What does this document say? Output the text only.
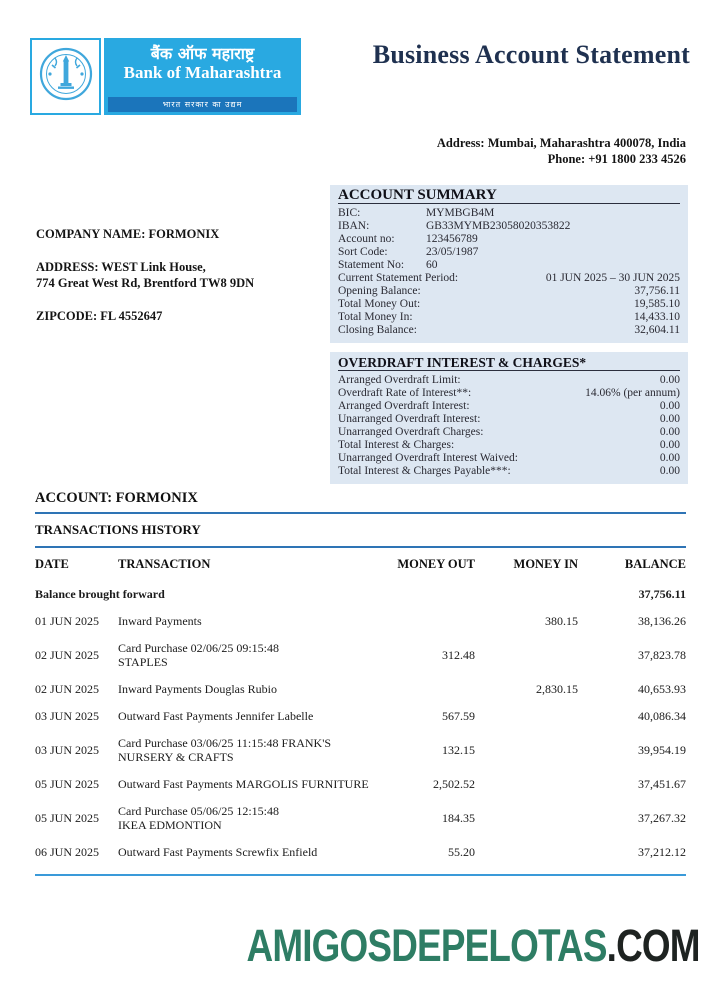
बैंक ऑफ महाराष्ट्र
Bank of Maharashtra
भारत सरकार का उद्यम
Business Account Statement
Address: Mumbai, Maharashtra 400078, India
Phone: +91 1800 233 4526
COMPANY NAME: FORMONIX
ADDRESS: WEST Link House,
774 Great West Rd, Brentford TW8 9DN
ZIPCODE: FL 4552647
ACCOUNT SUMMARY
BIC:	MYMBGB4M
IBAN:	GB33MYMB23058020353822
Account no:	123456789
Sort Code:	23/05/1987
Statement No:	60
Current Statement Period:	01 JUN 2025 – 30 JUN 2025
Opening Balance:	37,756.11
Total Money Out:	19,585.10
Total Money In:	14,433.10
Closing Balance:	32,604.11
OVERDRAFT INTEREST & CHARGES*
Arranged Overdraft Limit:	0.00
Overdraft Rate of Interest**:	14.06% (per annum)
Arranged Overdraft Interest:	0.00
Unarranged Overdraft Interest:	0.00
Unarranged Overdraft Charges:	0.00
Total Interest & Charges:	0.00
Unarranged Overdraft Interest Waived:	0.00
Total Interest & Charges Payable***:	0.00
ACCOUNT: FORMONIX
TRANSACTIONS HISTORY
DATE	TRANSACTION	MONEY OUT	MONEY IN	BALANCE
Balance brought forward				37,756.11
01 JUN 2025	Inward Payments		380.15	38,136.26
02 JUN 2025	Card Purchase 02/06/25 09:15:48
STAPLES	312.48		37,823.78
02 JUN 2025	Inward Payments Douglas Rubio		2,830.15	40,653.93
03 JUN 2025	Outward Fast Payments Jennifer Labelle	567.59		40,086.34
03 JUN 2025	Card Purchase 03/06/25 11:15:48 FRANK'S
NURSERY & CRAFTS	132.15		39,954.19
05 JUN 2025	Outward Fast Payments MARGOLIS FURNITURE	2,502.52		37,451.67
05 JUN 2025	Card Purchase 05/06/25 12:15:48
IKEA EDMONTION	184.35		37,267.32
06 JUN 2025	Outward Fast Payments Screwfix Enfield	55.20		37,212.12
AMIGOSDEPELOTAS.COM
